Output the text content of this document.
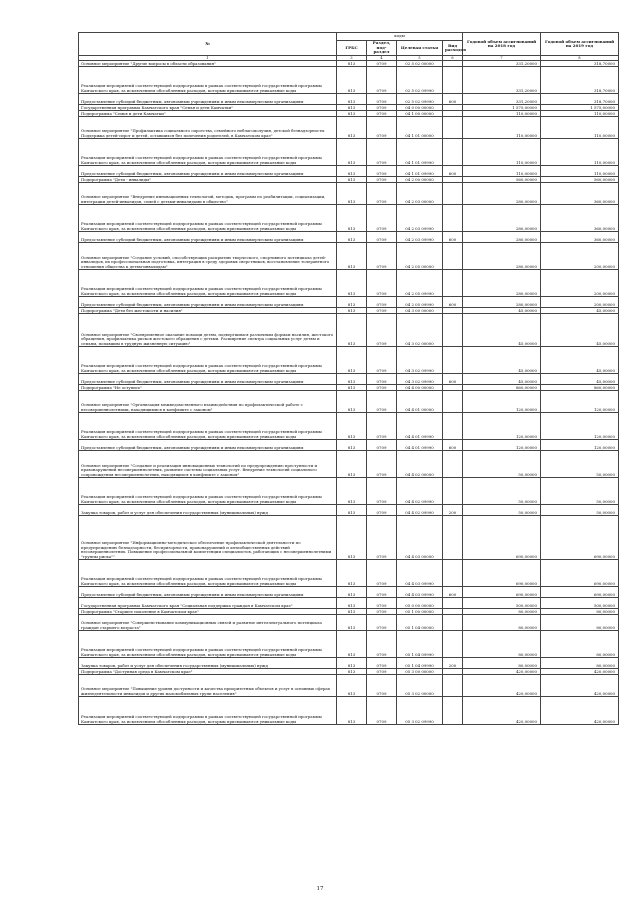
№	коды				Годовой объем ассигнований на 2018 год	Годовой объем ассигнований на 2019 год
	ГРБС	Раздел, под-раздел	Целевая статья	Вид расходов		
1	3	4	5	6	7	8
Основное мероприятие "Другие вопросы в области образования"	813	0709	02 5 02 00000		331,20000	318,70000
Реализация мероприятий соответствующей подпрограммы в рамках соответствующей государственной программы Камчатского края, за исключением обособленных расходов, которым присваиваются уникальные коды	813	0709	02 5 02 09990		331,20000	318,70000
Предоставление субсидий бюджетным, автономным учреждениям и иным некоммерческим организациям	813	0709	02 5 02 09990	600	331,20000	318,70000
Государственная программа Камчатского края "Семья и дети Камчатки"	813	0709	04 0 00 00000		1 575,00000	1 575,00000
Подпрограмма "Семья и дети Камчатки"	813	0709	04 1 00 00000		110,00000	110,00000
Основное мероприятие "Профилактика социального сиротства, семейного неблагополучия, детской безнадзорности. Поддержка детей-сирот и детей, оставшихся без попечения родителей, в Камчатском крае"	813	0709	04 1 01 00000		110,00000	110,00000
Реализация мероприятий соответствующей подпрограммы в рамках соответствующей государственной программы Камчатского края, за исключением обособленных расходов, которым присваиваются уникальные коды	813	0709	04 1 01 09990		110,00000	110,00000
Предоставление субсидий бюджетным, автономным учреждениям и иным некоммерческим организациям	813	0709	04 1 01 09990	600	110,00000	110,00000
Подпрограмма "Дети - инвалиды"	813	0709	04 2 00 00000		560,00000	560,00000
Основное мероприятие "Внедрение инновационных технологий, методик, программ по реабилитации, социализации, интеграции детей-инвалидов, семей с детьми-инвалидами в общество"	813	0709	04 2 03 00000		280,00000	360,00000
Реализация мероприятий соответствующей подпрограммы в рамках соответствующей государственной программы Камчатского края, за исключением обособленных расходов, которым присваиваются уникальные коды	813	0709	04 2 03 09990		280,00000	360,00000
Предоставление субсидий бюджетным, автономным учреждениям и иным некоммерческим организациям	813	0709	04 2 03 09990	600	280,00000	360,00000
Основное мероприятие "Создание условий, способствующих раскрытию творческого, спортивного потенциала детей-инвалидов, их профессиональная подготовка, интеграция в среду здоровых сверстников, восстановление толерантного отношения общества к детям-инвалидам"	813	0709	04 2 05 00000		280,00000	200,00000
Реализация мероприятий соответствующей подпрограммы в рамках соответствующей государственной программы Камчатского края, за исключением обособленных расходов, которым присваиваются уникальные коды	813	0709	04 2 05 09990		280,00000	200,00000
Предоставление субсидий бюджетным, автономным учреждениям и иным некоммерческим организациям	813	0709	04 2 05 09990	600	280,00000	200,00000
Подпрограмма "Дети без жестокости и насилия"	813	0709	04 3 00 00000		45,00000	45,00000
Основное мероприятие "Своевременное оказание помощи детям, подвергшимся различным формам насилия, жестокого обращения, профилактика рисков жестокого обращения с детьми. Расширение спектра социальных услуг детям и семьям, попавшим в трудную жизненную ситуацию"	813	0709	04 3 02 00000		45,00000	45,00000
Реализация мероприятий соответствующей подпрограммы в рамках соответствующей государственной программы Камчатского края, за исключением обособленных расходов, которым присваиваются уникальные коды	813	0709	04 3 02 09990		45,00000	45,00000
Предоставление субсидий бюджетным, автономным учреждениям и иным некоммерческим организациям	813	0709	04 3 02 09990	600	45,00000	45,00000
Подпрограмма "Не оступись"	813	0709	04 4 00 00000		860,00000	860,00000
Основное мероприятие "Организация межведомственного взаимодействия по профилактической работе с несовершеннолетними, находящимися в конфликте с законом"	813	0709	04 4 01 00000		120,00000	120,00000
Реализация мероприятий соответствующей подпрограммы в рамках соответствующей государственной программы Камчатского края, за исключением обособленных расходов, которым присваиваются уникальные коды	813	0709	04 4 01 09990		120,00000	120,00000
Предоставление субсидий бюджетным, автономным учреждениям и иным некоммерческим организациям	813	0709	04 4 01 09990	600	120,00000	120,00000
Основное мероприятие "Создание и реализация инновационных технологий по предупреждению преступности и правонарушений несовершеннолетних, развитие системы социальных услуг. Внедрение технологий социального сопровождения несовершеннолетних, находящихся в конфликте с законом"	813	0709	04 4 02 00000		50,00000	50,00000
Реализация мероприятий соответствующей подпрограммы в рамках соответствующей государственной программы Камчатского края, за исключением обособленных расходов, которым присваиваются уникальные коды	813	0709	04 4 02 09990		50,00000	50,00000
Закупка товаров, работ и услуг для обеспечения государственных (муниципальных) нужд	813	0709	04 4 02 09990	200	50,00000	50,00000
Основное мероприятие "Информационно-методическое обеспечение профилактической деятельности по предупреждению безнадзорности, беспризорности, правонарушений и антиобщественных действий несовершеннолетних. Повышение профессиональной компетенции специалистов, работающих с несовершеннолетними "группы риска""	813	0709	04 4 03 00000		690,00000	690,00000
Реализация мероприятий соответствующей подпрограммы в рамках соответствующей государственной программы Камчатского края, за исключением обособленных расходов, которым присваиваются уникальные коды	813	0709	04 4 03 09990		690,00000	690,00000
Предоставление субсидий бюджетным, автономным учреждениям и иным некоммерческим организациям	813	0709	04 4 03 09990	600	690,00000	690,00000
Государственная программа Камчатского края "Социальная поддержка граждан в Камчатском крае"	813	0709	05 0 00 00000		500,00000	500,00000
Подпрограмма "Старшее поколение в Камчатском крае"	813	0709	05 1 00 00000		80,00000	80,00000
Основное мероприятие "Совершенствование коммуникационных связей и развитие интеллектуального потенциала граждан старшего возраста"	813	0709	05 1 04 00000		80,00000	80,00000
Реализация мероприятий соответствующей подпрограммы в рамках соответствующей государственной программы Камчатского края, за исключением обособленных расходов, которым присваиваются уникальные коды	813	0709	05 1 04 09990		80,00000	80,00000
Закупка товаров, работ и услуг для обеспечения государственных (муниципальных) нужд	813	0709	05 1 04 09990	200	80,00000	80,00000
Подпрограмма "Доступная среда в Камчатском крае"	813	0709	05 3 00 00000		420,00000	420,00000
Основное мероприятие "Повышение уровня доступности и качества приоритетных объектов и услуг в основных сферах жизнедеятельности инвалидов и других маломобильных групп населения"	813	0709	05 3 02 00000		420,00000	420,00000
Реализация мероприятий соответствующей подпрограммы в рамках соответствующей государственной программы Камчатского края, за исключением обособленных расходов, которым присваиваются уникальные коды	813	0709	05 3 02 09990		420,00000	420,00000
17
